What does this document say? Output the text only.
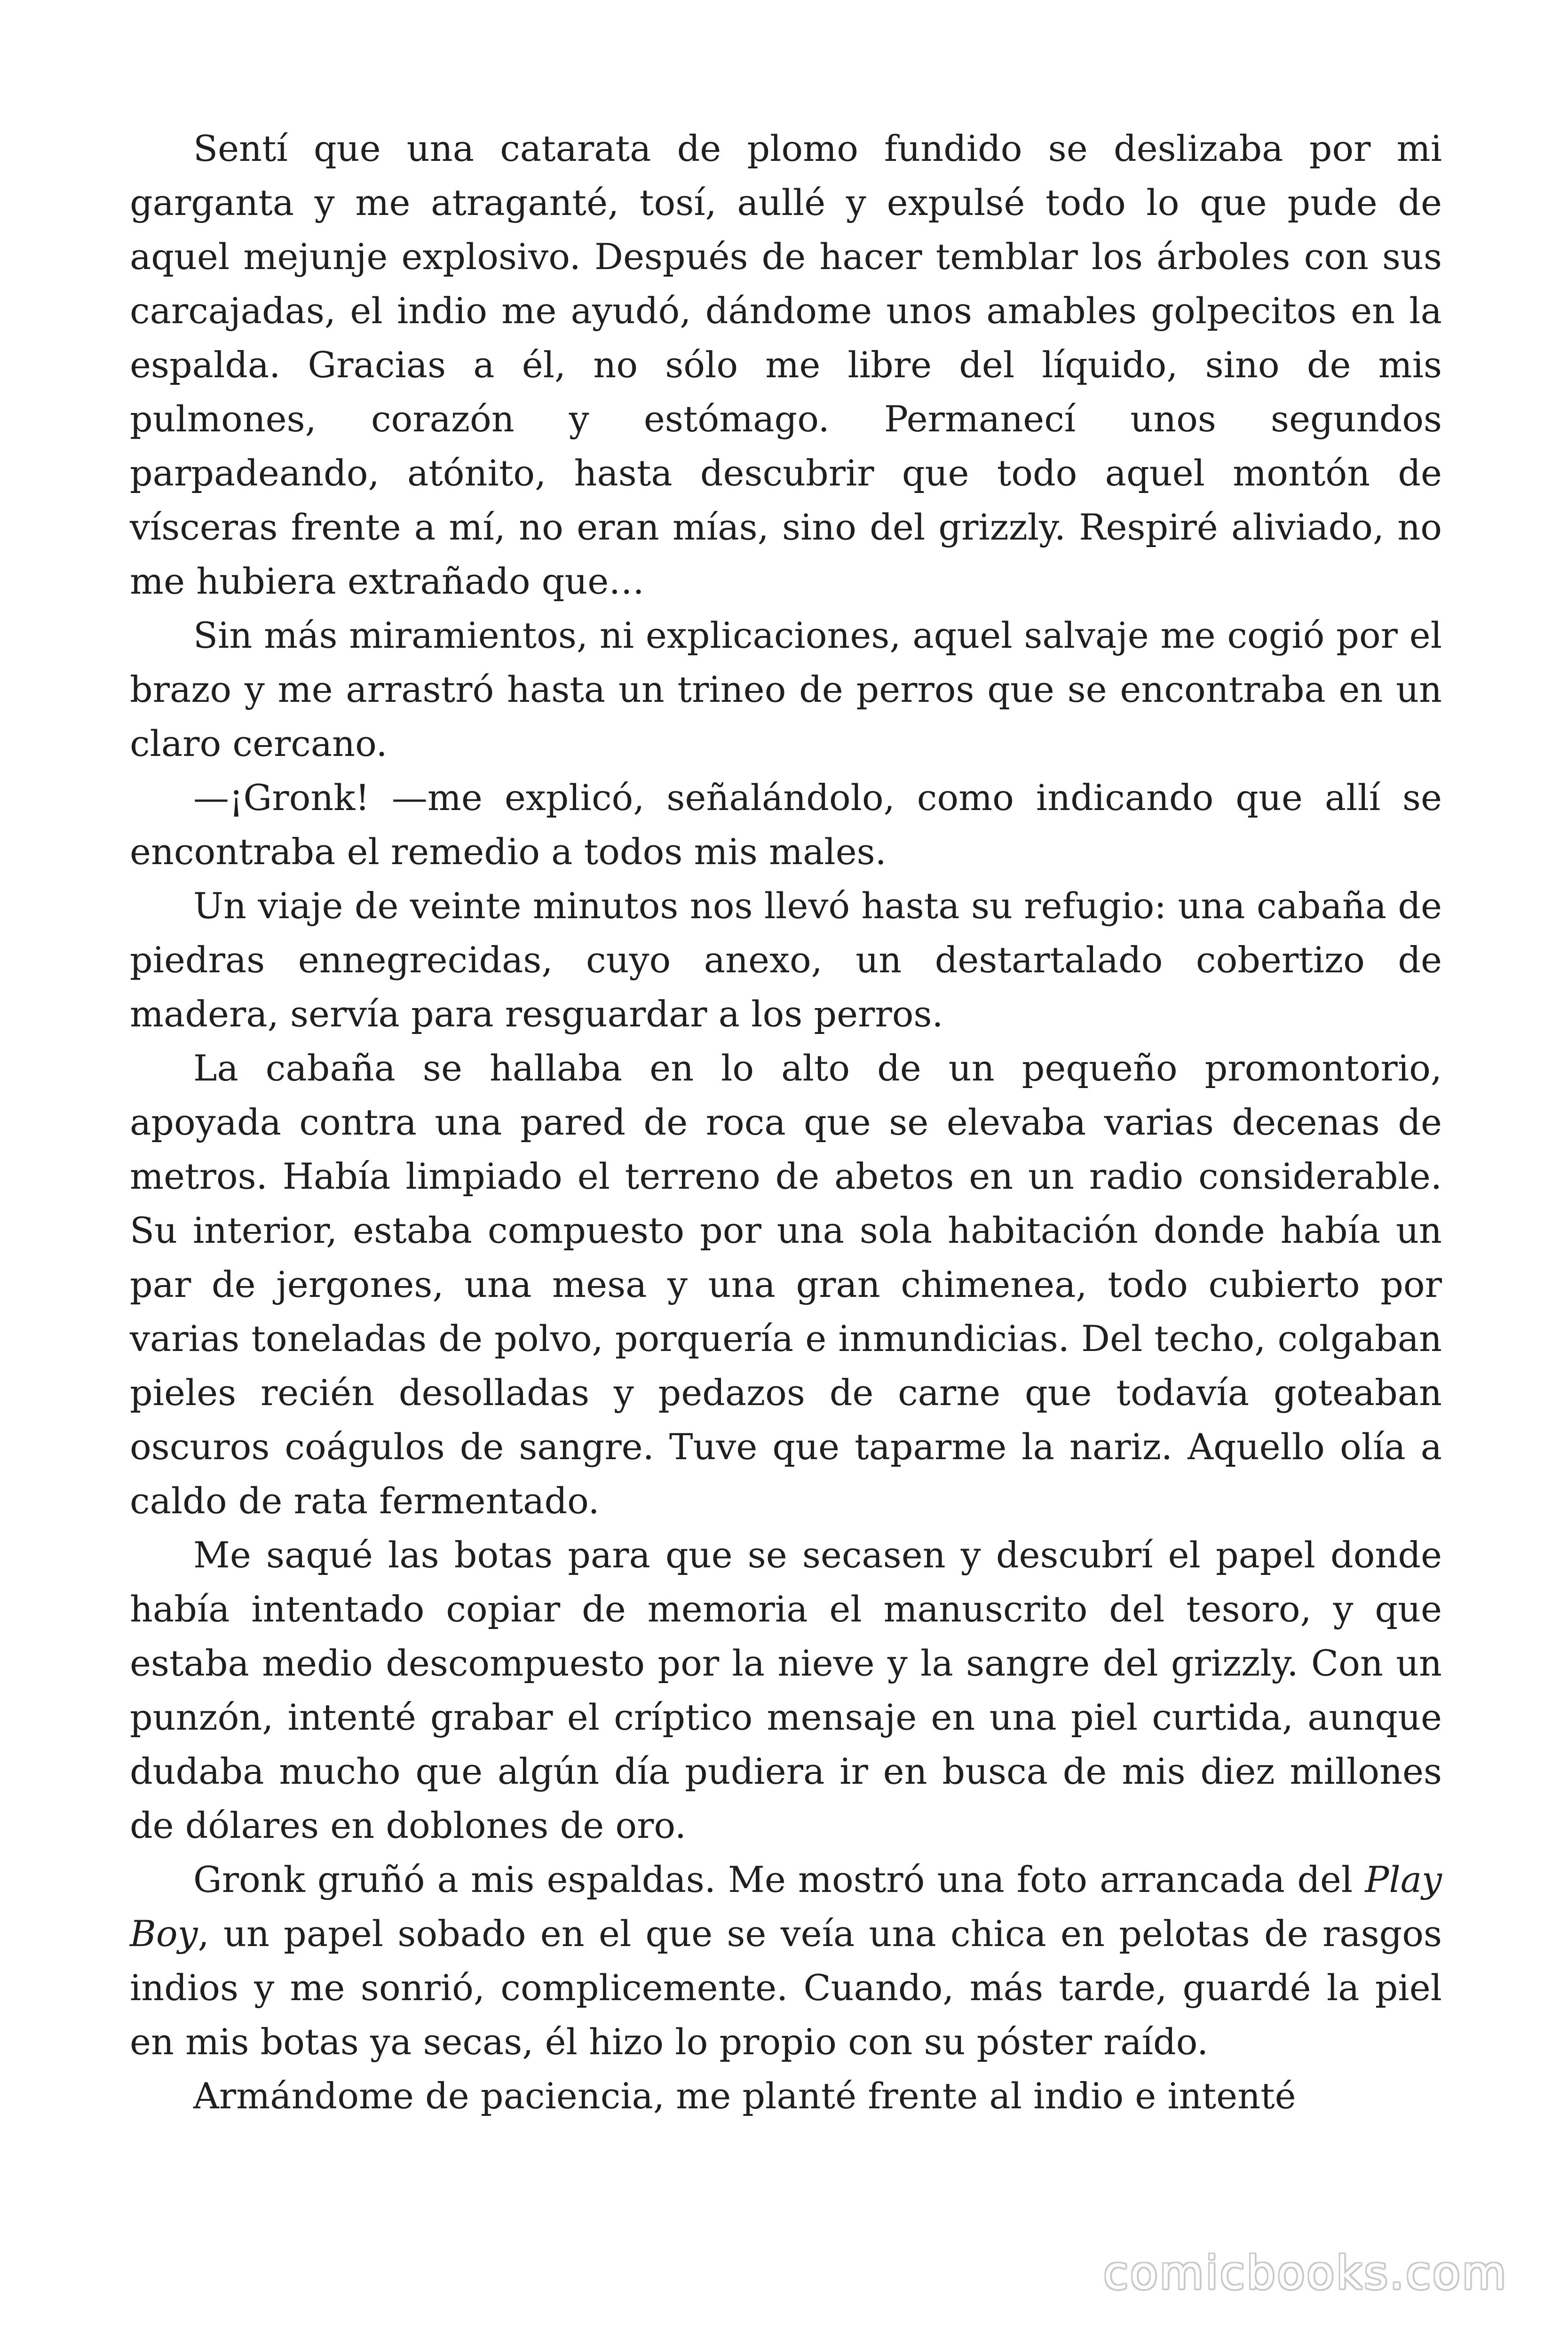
Sentí que una catarata de plomo fundido se deslizaba por mi garganta y me atraganté, tosí, aullé y expulsé todo lo que pude de aquel mejunje explosivo. Después de hacer temblar los árboles con sus carcajadas, el indio me ayudó, dándome unos amables golpecitos en la espalda. Gracias a él, no sólo me libre del líquido, sino de mis pulmones, corazón y estómago. Permanecí unos segundos parpadeando, atónito, hasta descubrir que todo aquel montón de vísceras frente a mí, no eran mías, sino del grizzly. Respiré aliviado, no me hubiera extrañado que…

Sin más miramientos, ni explicaciones, aquel salvaje me cogió por el brazo y me arrastró hasta un trineo de perros que se encontraba en un claro cercano.

—¡Gronk! —me explicó, señalándolo, como indicando que allí se encontraba el remedio a todos mis males.

Un viaje de veinte minutos nos llevó hasta su refugio: una cabaña de piedras ennegrecidas, cuyo anexo, un destartalado cobertizo de madera, servía para resguardar a los perros.

La cabaña se hallaba en lo alto de un pequeño promontorio, apoyada contra una pared de roca que se elevaba varias decenas de metros. Había limpiado el terreno de abetos en un radio considerable. Su interior, estaba compuesto por una sola habitación donde había un par de jergones, una mesa y una gran chimenea, todo cubierto por varias toneladas de polvo, porquería e inmundicias. Del techo, colgaban pieles recién desolladas y pedazos de carne que todavía goteaban oscuros coágulos de sangre. Tuve que taparme la nariz. Aquello olía a caldo de rata fermentado.

Me saqué las botas para que se secasen y descubrí el papel donde había intentado copiar de memoria el manuscrito del tesoro, y que estaba medio descompuesto por la nieve y la sangre del grizzly. Con un punzón, intenté grabar el críptico mensaje en una piel curtida, aunque dudaba mucho que algún día pudiera ir en busca de mis diez millones de dólares en doblones de oro.

Gronk gruñó a mis espaldas. Me mostró una foto arrancada del Play Boy, un papel sobado en el que se veía una chica en pelotas de rasgos indios y me sonrió, complicemente. Cuando, más tarde, guardé la piel en mis botas ya secas, él hizo lo propio con su póster raído.

Armándome de paciencia, me planté frente al indio e intenté

comicbooks.com
